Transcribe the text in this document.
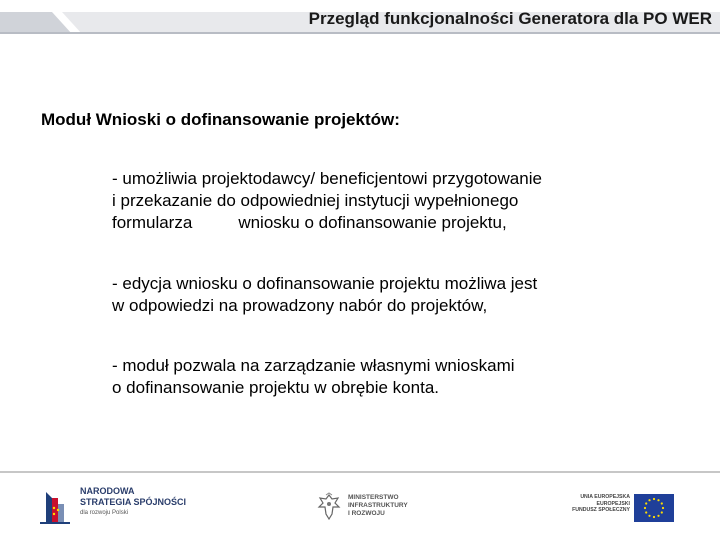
Przegląd funkcjonalności Generatora dla PO WER
Moduł Wnioski o dofinansowanie projektów:
- umożliwia projektodawcy/ beneficjentowi przygotowanie
i przekazanie do odpowiedniej instytucji wypełnionego
formularza	wniosku o dofinansowanie projektu,
- edycja wniosku o dofinansowanie projektu możliwa jest
w odpowiedzi na prowadzony nabór do projektów,
- moduł pozwala na zarządzanie własnymi wnioskami
o dofinansowanie projektu w obrębie konta.
NARODOWA
STRATEGIA SPÓJNOŚCI
dla rozwoju Polski
MINISTERSTWO
INFRASTRUKTURY
I ROZWOJU
UNIA EUROPEJSKA
EUROPEJSKI
FUNDUSZ SPOŁECZNY
